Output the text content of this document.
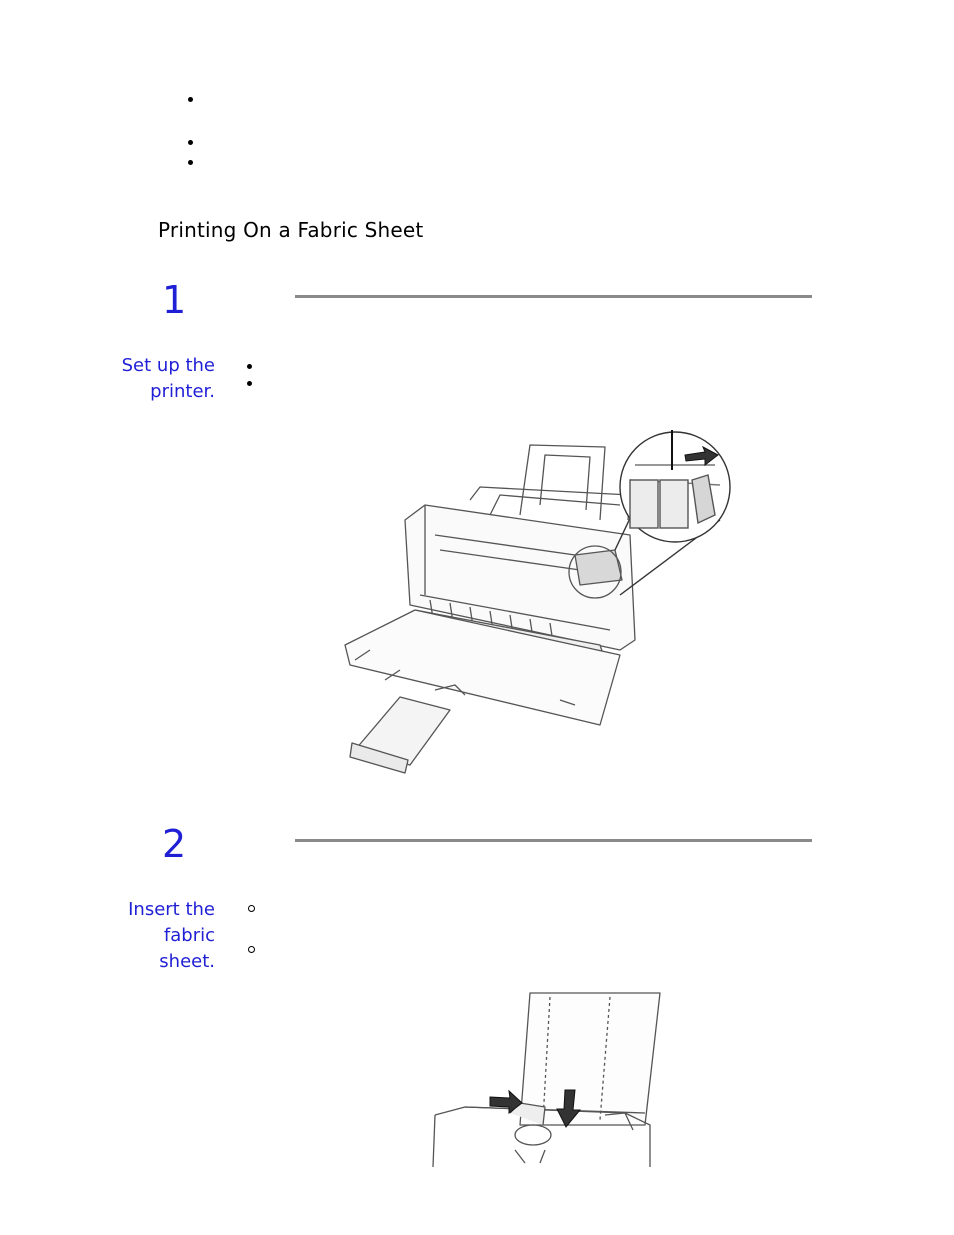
Printing On a Fabric Sheet
1
Set up the
printer.
2
Insert the
fabric
sheet.
